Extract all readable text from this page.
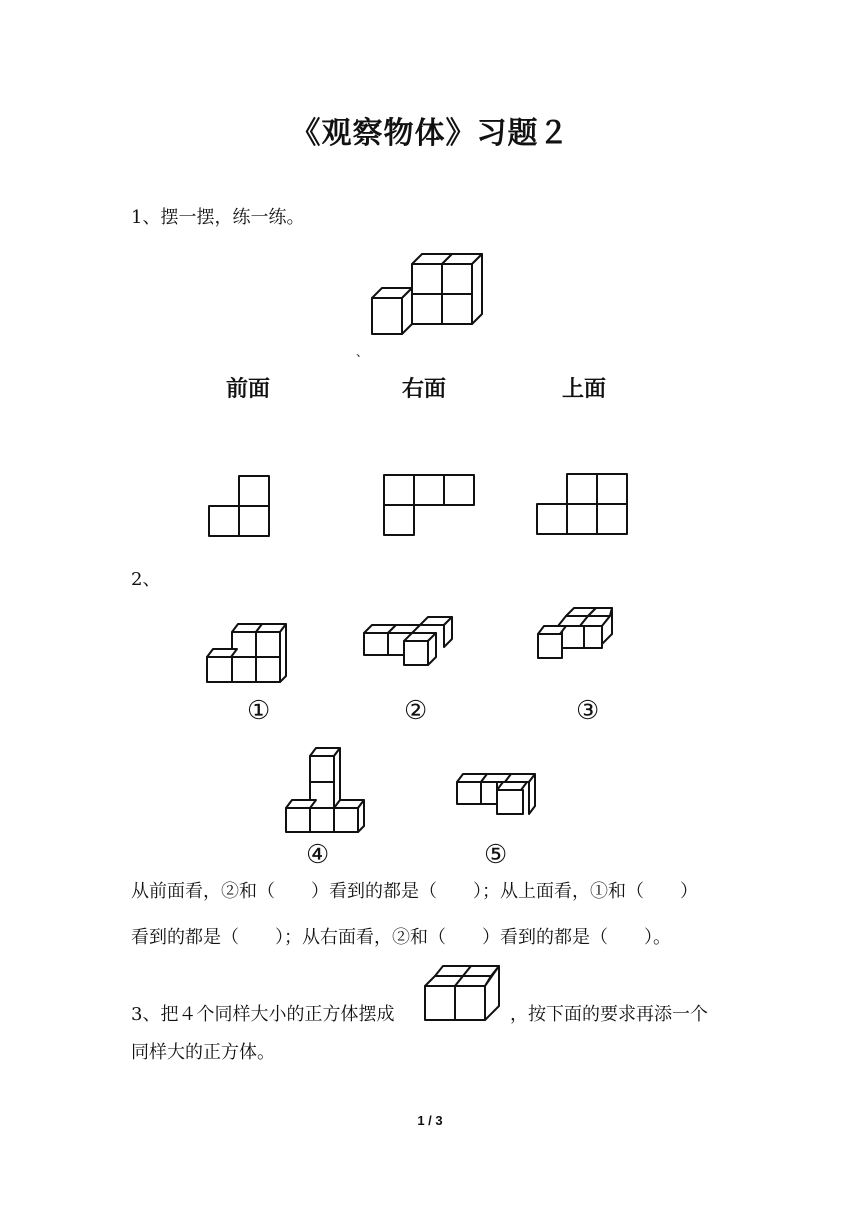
《观察物体》习题２
1、摆一摆，练一练。
、
前面	右面	上面
2、
①	②	③
④	⑤
从前面看，②和（　　）看到的都是（　　）；从上面看，①和（　　）
看到的都是（　　）；从右面看，②和（　　）看到的都是（　　）。
3、把４个同样大小的正方体摆成	，按下面的要求再添一个
同样大的正方体。
1 / 3
